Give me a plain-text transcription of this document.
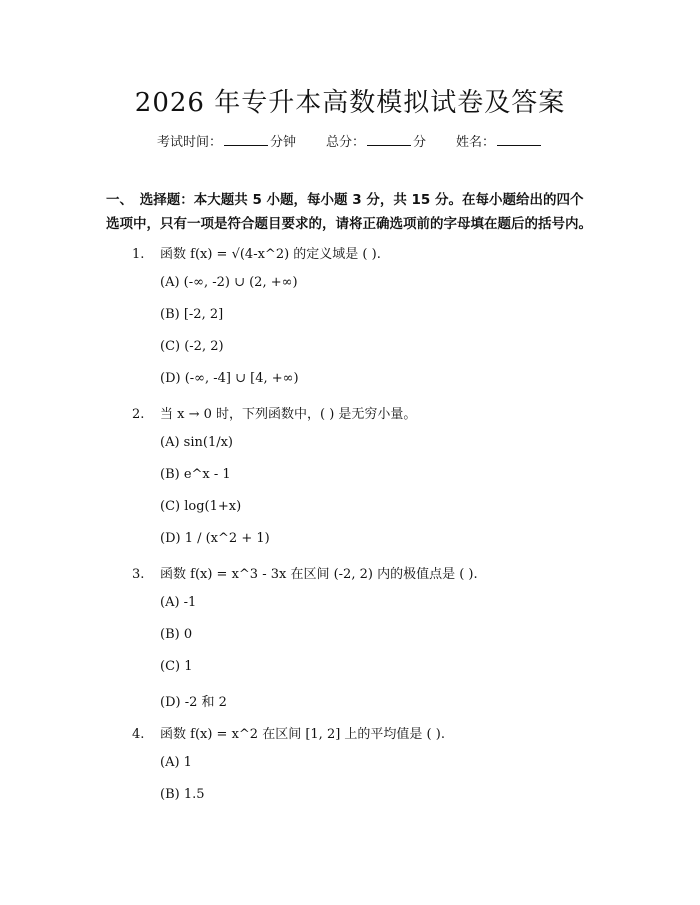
2026 年专升本高数模拟试卷及答案
考试时间：	分钟 总分：	分 姓名：
一、　选择题：本大题共 5 小题，每小题 3 分，共 15 分。在每小题给出的四个选项中，只有一项是符合题目要求的，请将正确选项前的字母填在题后的括号内。
1. 函数 f(x) = √(4-x^2) 的定义域是 ( ).
(A) (-∞, -2) ∪ (2, +∞)
(B) [-2, 2]
(C) (-2, 2)
(D) (-∞, -4] ∪ [4, +∞)
2. 当 x → 0 时，下列函数中，( ) 是无穷小量。
(A) sin(1/x)
(B) e^x - 1
(C) log(1+x)
(D) 1 / (x^2 + 1)
3. 函数 f(x) = x^3 - 3x 在区间 (-2, 2) 内的极值点是 ( ).
(A) -1
(B) 0
(C) 1
(D) -2 和 2
4. 函数 f(x) = x^2 在区间 [1, 2] 上的平均值是 ( ).
(A) 1
(B) 1.5
